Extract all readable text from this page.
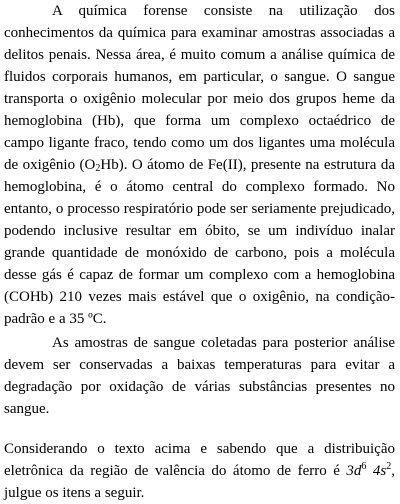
A química forense consiste na utilização dos conhecimentos da química para examinar amostras associadas a delitos penais. Nessa área, é muito comum a análise química de fluidos corporais humanos, em particular, o sangue. O sangue transporta o oxigênio molecular por meio dos grupos heme da hemoglobina (Hb), que forma um complexo octaédrico de campo ligante fraco, tendo como um dos ligantes uma molécula de oxigênio $(O_2Hb)$. O átomo de Fe(II), presente na estrutura da hemoglobina, é o átomo central do complexo formado. No entanto, o processo respiratório pode ser seriamente prejudicado, podendo inclusive resultar em óbito, se um indivíduo inalar grande quantidade de monóxido de carbono, pois a molécula desse gás é capaz de formar um complexo com a hemoglobina (COHb) 210 vezes mais estável que o oxigênio, na condição-padrão e a 35 ºC.

As amostras de sangue coletadas para posterior análise devem ser conservadas a baixas temperaturas para evitar a degradação por oxidação de várias substâncias presentes no sangue.

Considerando o texto acima e sabendo que a distribuição eletrônica da região de valência do átomo de ferro é $3d^6$ $4s^2$, julgue os itens a seguir.
